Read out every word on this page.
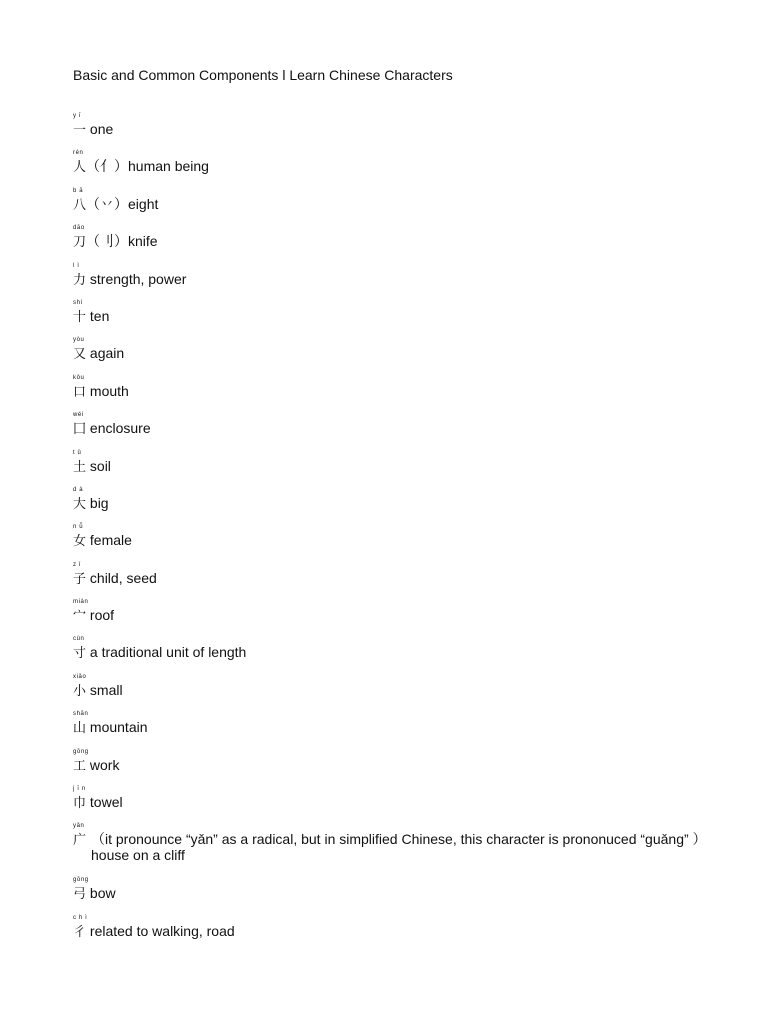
Basic and Common Components l Learn Chinese Characters
y ī
一 one
rén
人（亻）human being
b ā
八（丷）eight
dāo
刀（刂）knife
l ì
力 strength, power
shí
十 ten
yòu
又 again
kǒu
口 mouth
wéi
囗 enclosure
t ǔ
土 soil
d à
大 big
n ǚ
女 female
z ǐ
子 child, seed
mián
宀 roof
cùn
寸 a traditional unit of length
xiǎo
小 small
shān
山 mountain
gōng
工 work
j ī n
巾 towel
yǎn
广 （it pronounce “yǎn” as a radical, but in simplified Chinese, this character is prononuced “guǎng” ） house on a cliff
gōng
弓 bow
c h ì
彳 related to walking, road
